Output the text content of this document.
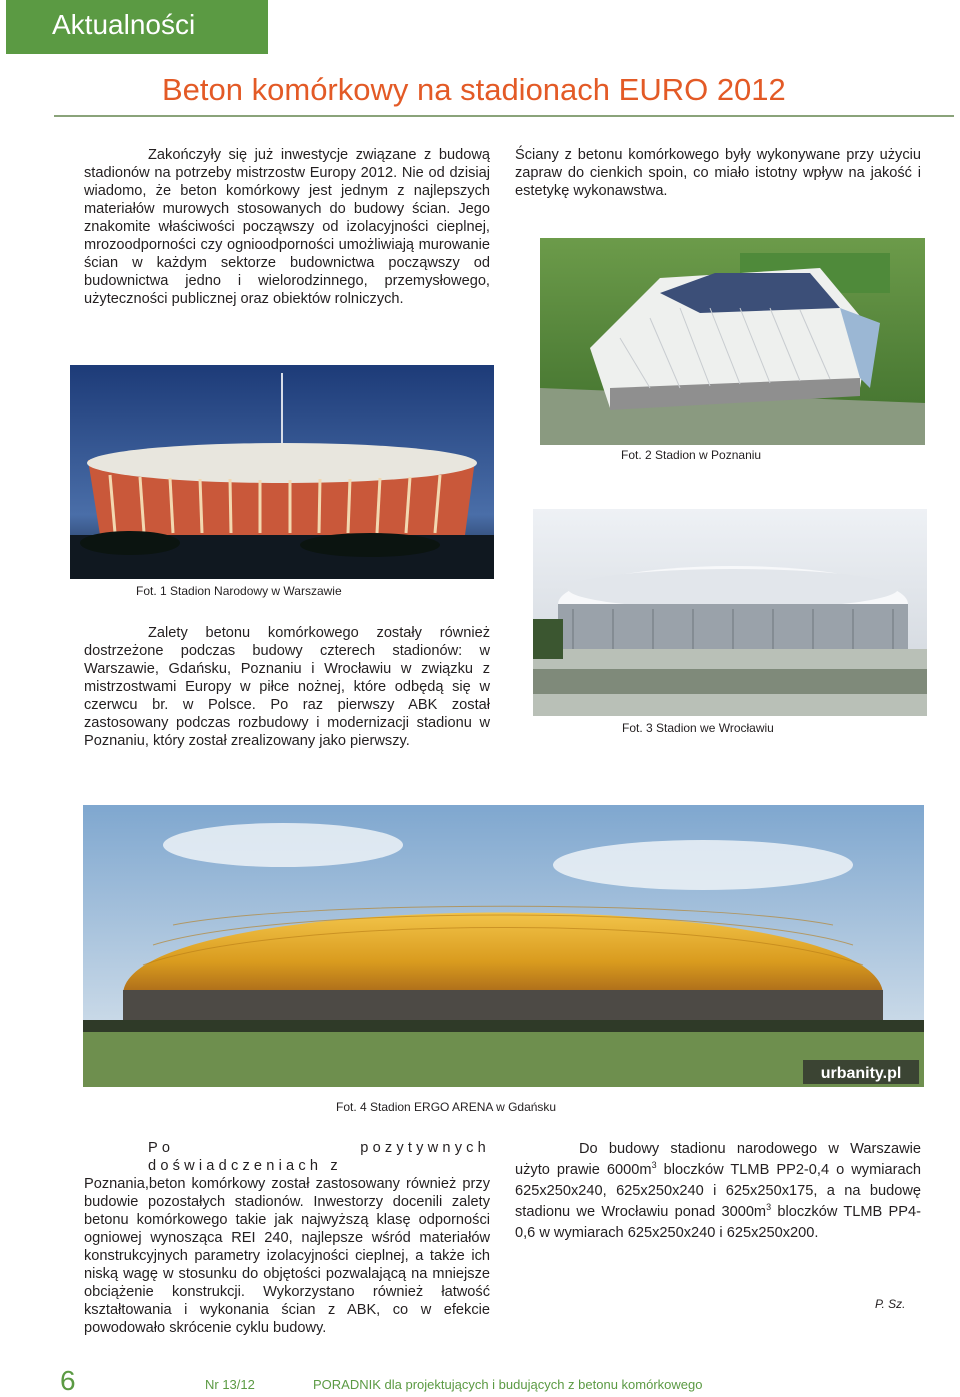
Aktualności
Beton komórkowy na stadionach EURO 2012
Zakończyły się już inwestycje związane z budową stadionów na potrzeby mistrzostw Europy 2012. Nie od dzisiaj wiadomo, że beton komórkowy jest jednym z najlepszych materiałów murowych stosowanych do budowy ścian. Jego znakomite właściwości począwszy od izolacyjności cieplnej, mrozoodporności czy ognioodporności umożliwiają murowanie ścian w każdym sektorze budownictwa począwszy od budownictwa jedno i wielorodzinnego, przemysłowego, użyteczności publicznej oraz obiektów rolniczych.
Ściany z betonu komórkowego były wykonywane przy użyciu zapraw do cienkich spoin, co miało istotny wpływ na jakość i estetykę wykonawstwa.
Fot. 2 Stadion w Poznaniu
Fot. 1 Stadion Narodowy w Warszawie
Fot. 3 Stadion we Wrocławiu
Zalety betonu komórkowego zostały również dostrzeżone podczas budowy czterech stadionów: w Warszawie, Gdańsku, Poznaniu i Wrocławiu w związku z mistrzostwami Europy w piłce nożnej, które odbędą się w czerwcu br. w Polsce. Po raz pierwszy ABK został zastosowany podczas rozbudowy i modernizacji stadionu w Poznaniu, który został zrealizowany jako pierwszy.
urbanity.pl
Fot. 4 Stadion ERGO ARENA w Gdańsku
Po pozytywnych doświadczeniach z
Poznania,beton komórkowy został zastosowany również przy budowie pozostałych stadionów. Inwestorzy docenili zalety betonu komórkowego takie jak najwyższą klasę odporności ogniowej wynosząca REI 240, najlepsze wśród materiałów konstrukcyjnych parametry izolacyjności cieplnej, a także ich niską wagę w stosunku do objętości pozwalającą na mniejsze obciążenie konstrukcji. Wykorzystano również łatwość kształtowania i wykonania ścian z ABK, co w efekcie powodowało skrócenie cyklu budowy.
Do budowy stadionu narodowego w Warszawie użyto prawie $6000m^3$ bloczków TLMB PP2-0,4 o wymiarach 625x250x240, 625x250x240 i 625x250x175, a na budowę stadionu we Wrocławiu ponad $3000m^3$ bloczków TLMB PP4-0,6 w wymiarach 625x250x240 i 625x250x200.
P. Sz.
6	Nr 13/12	PORADNIK dla projektujących i budujących z betonu komórkowego
